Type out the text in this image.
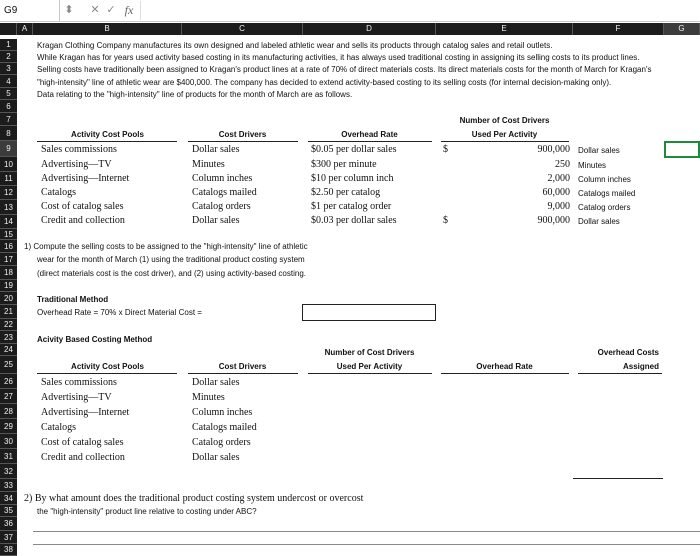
G9	⬍ ✕ ✓ fx
A	B	C	D	E	F	G
1
2
3
4
5
6
7
8
9
10
11
12
13
14
15
16
17
18
19
20
21
22
23
24
25
26
27
28
29
30
31
32
33
34
35
36
37
38
Kragan Clothing Company manufactures its own designed and labeled athletic wear and sells its products through catalog sales and retail outlets.
While Kragan has for years used activity based costing in its manufacturing activities, it has always used traditional costing in assigning its selling costs to its product lines.
Selling costs have traditionally been assigned to Kragan's product lines at a rate of 70% of direct materials costs. Its direct materials costs for the month of March for Kragan's
"high-intensity" line of athletic wear are $400,000. The company has decided to extend activity-based costing to its selling costs (for internal decision-making only).
Data relating to the "high-intensity" line of products for the month of March are as follows.
Number of Cost Drivers
Activity Cost Pools	Cost Drivers	Overhead Rate	Used Per Activity
Sales commissions	Dollar sales	$0.05 per dollar sales	$	900,000 Dollar sales
Advertising—TV	Minutes	$300 per minute	250 Minutes
Advertising—Internet	Column inches	$10 per column inch	2,000 Column inches
Catalogs	Catalogs mailed	$2.50 per catalog	60,000 Catalogs mailed
Cost of catalog sales	Catalog orders	$1 per catalog order	9,000 Catalog orders
Credit and collection	Dollar sales	$0.03 per dollar sales	$	900,000 Dollar sales
1) Compute the selling costs to be assigned to the "high-intensity" line of athletic
wear for the month of March (1) using the traditional product costing system
(direct materials cost is the cost driver), and (2) using activity-based costing.
Traditional Method
Overhead Rate = 70% x Direct Material Cost =
Acivity Based Costing Method
Number of Cost Drivers	Overhead Costs
Activity Cost Pools	Cost Drivers	Used Per Activity	Overhead Rate	Assigned
Sales commissions	Dollar sales
Advertising—TV	Minutes
Advertising—Internet	Column inches
Catalogs	Catalogs mailed
Cost of catalog sales	Catalog orders
Credit and collection	Dollar sales
2) By what amount does the traditional product costing system undercost or overcost
the "high-intensity" product line relative to costing under ABC?
